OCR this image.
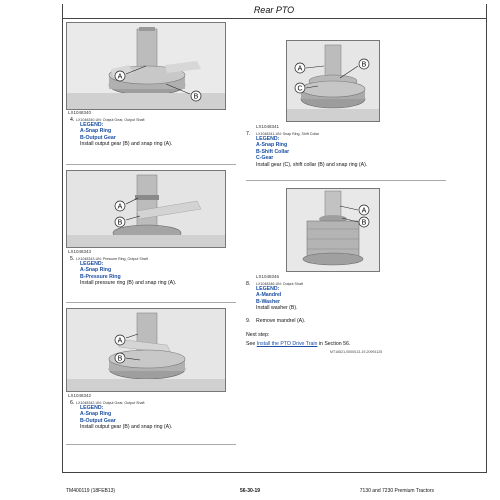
Rear PTO
A
B
LX1048340
LX1048340-UN: Output Gear, Output Shaft
4.
LEGEND:
A-Snap Ring
B-Output Gear
Install output gear (B) and snap ring (A).
A
B
LX1048343
LX1048343-UN: Pressure Ring, Output Shaft
5.
LEGEND:
A-Snap Ring
B-Pressure Ring
Install pressure ring (B) and snap ring (A).
A
B
LX1048342
LX1048342-UN: Output Gear, Output Shaft
6.
LEGEND:
A-Snap Ring
B-Output Gear
Install output gear (B) and snap ring (A).
A
C
B
LX1048341
LX1048341-UN: Snap Ring, Shift Collar
7.
LEGEND:
A-Snap Ring
B-Shift Collar
C-Gear
Install gear (C), shift collar (B) and snap ring (A).
A
B
LX1048346
LX1048346-UN: Output Shaft
8.
LEGEND:
A-Mandrel
B-Washer
Install washer (B).
9. Remove mandrel (A).
Next step:
See Install the PTO Drive Train in Section 56.
MT16521,0000013-19-20991125
TM400119 (18FEB13)	56-30-19	7130 and 7230 Premium Tractors
